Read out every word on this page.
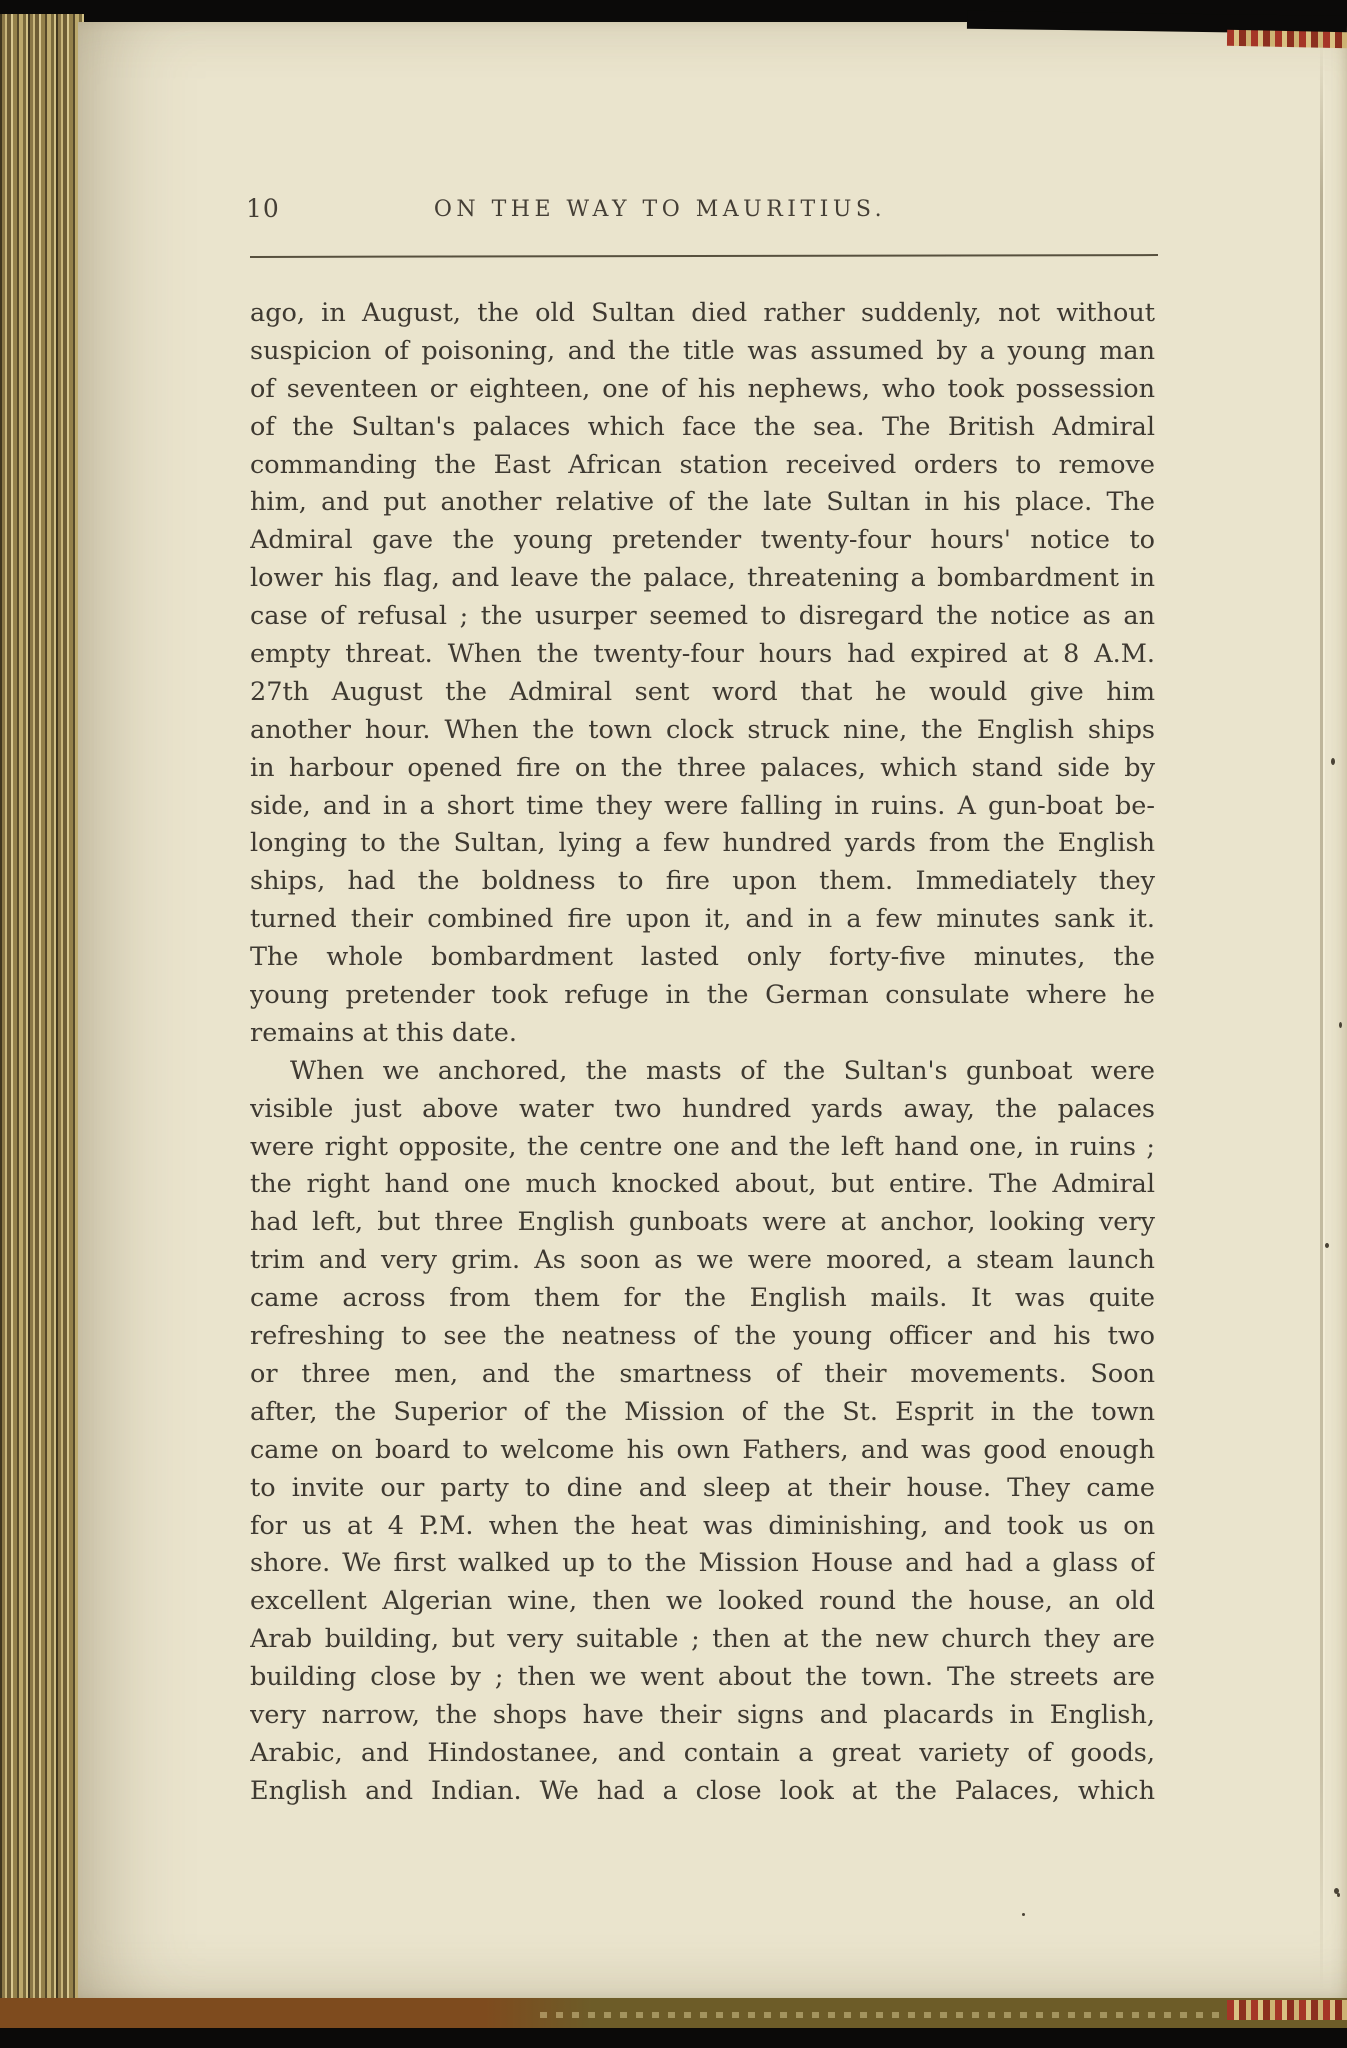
10	ON THE WAY TO MAURITIUS.
ago, in August, the old Sultan died rather suddenly, not without
suspicion of poisoning, and the title was assumed by a young man
of seventeen or eighteen, one of his nephews, who took possession
of the Sultan's palaces which face the sea. The British Admiral
commanding the East African station received orders to remove
him, and put another relative of the late Sultan in his place. The
Admiral gave the young pretender twenty-four hours' notice to
lower his flag, and leave the palace, threatening a bombardment in
case of refusal ; the usurper seemed to disregard the notice as an
empty threat. When the twenty-four hours had expired at 8 A.M.
27th August the Admiral sent word that he would give him
another hour. When the town clock struck nine, the English ships
in harbour opened fire on the three palaces, which stand side by
side, and in a short time they were falling in ruins. A gun-boat be-
longing to the Sultan, lying a few hundred yards from the English
ships, had the boldness to fire upon them. Immediately they
turned their combined fire upon it, and in a few minutes sank it.
The whole bombardment lasted only forty-five minutes, the
young pretender took refuge in the German consulate where he
remains at this date.
When we anchored, the masts of the Sultan's gunboat were
visible just above water two hundred yards away, the palaces
were right opposite, the centre one and the left hand one, in ruins ;
the right hand one much knocked about, but entire. The Admiral
had left, but three English gunboats were at anchor, looking very
trim and very grim. As soon as we were moored, a steam launch
came across from them for the English mails. It was quite
refreshing to see the neatness of the young officer and his two
or three men, and the smartness of their movements. Soon
after, the Superior of the Mission of the St. Esprit in the town
came on board to welcome his own Fathers, and was good enough
to invite our party to dine and sleep at their house. They came
for us at 4 P.M. when the heat was diminishing, and took us on
shore. We first walked up to the Mission House and had a glass of
excellent Algerian wine, then we looked round the house, an old
Arab building, but very suitable ; then at the new church they are
building close by ; then we went about the town. The streets are
very narrow, the shops have their signs and placards in English,
Arabic, and Hindostanee, and contain a great variety of goods,
English and Indian. We had a close look at the Palaces, which
